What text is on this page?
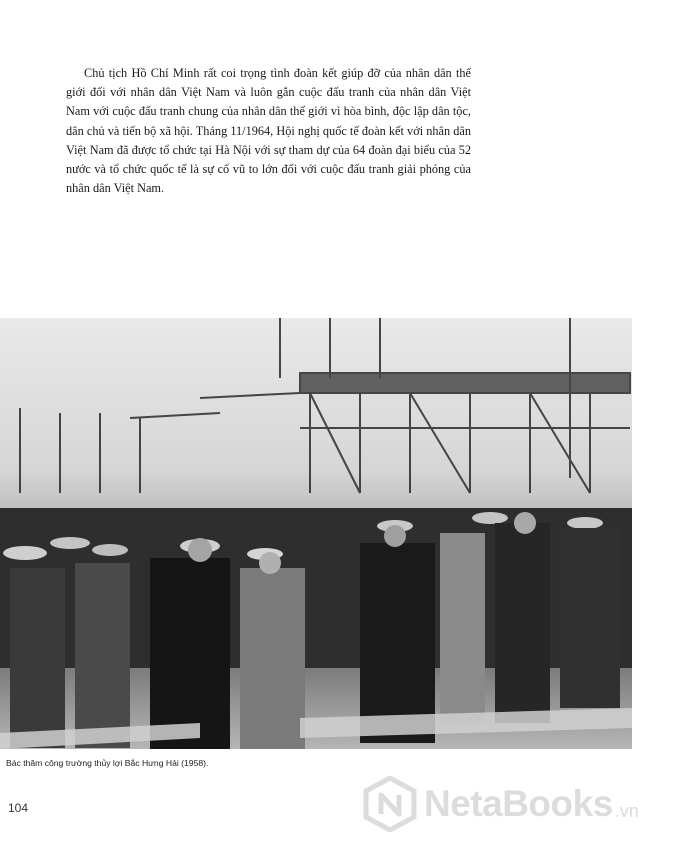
Chủ tịch Hồ Chí Minh rất coi trọng tình đoàn kết giúp đỡ của nhân dân thế giới đối với nhân dân Việt Nam và luôn gắn cuộc đấu tranh của nhân dân Việt Nam với cuộc đấu tranh chung của nhân dân thế giới vì hòa bình, độc lập dân tộc, dân chủ và tiến bộ xã hội. Tháng 11/1964, Hội nghị quốc tế đoàn kết với nhân dân Việt Nam đã được tổ chức tại Hà Nội với sự tham dự của 64 đoàn đại biểu của 52 nước và tổ chức quốc tế là sự cổ vũ to lớn đối với cuộc đấu tranh giải phóng của nhân dân Việt Nam.

Bác thăm công trường thủy lợi Bắc Hưng Hải (1958).
104	NetaBooks .vn
